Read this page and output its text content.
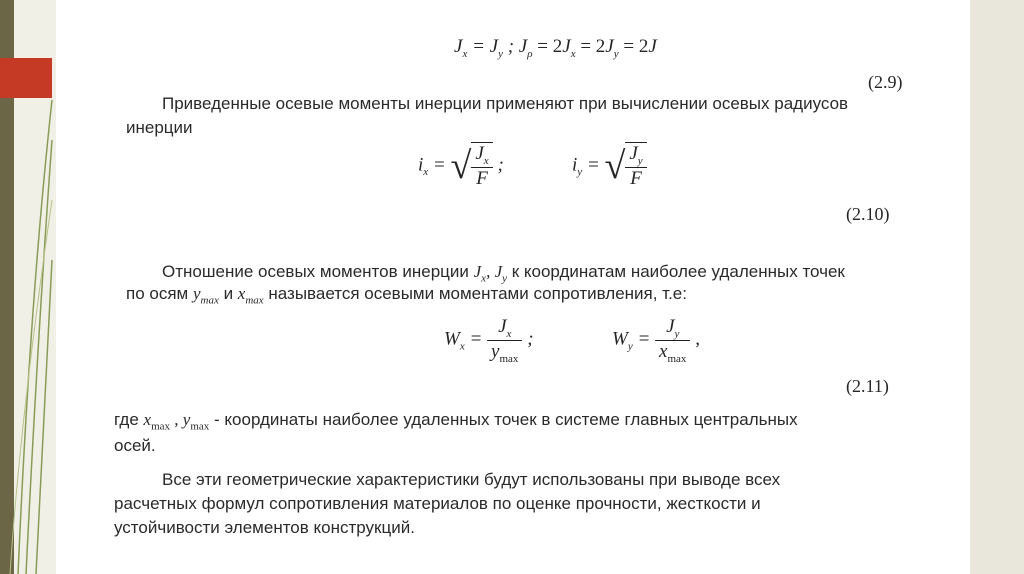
$J_x = J_y$ ; $J_\rho = 2J_x = 2J_y = 2J$
(2.9)
Приведенные осевые моменты инерции применяют при вычислении осевых радиусов
инерции
$i_x$ = √ $\frac{J_x}{F}$ ;	$i_y$ = √ $\frac{J_y}{F}$
(2.10)
Отношение осевых моментов инерции $J_x$, $J_y$ к координатам наиболее удаленных точек
по осям $y_{max}$ и $x_{max}$ называется осевыми моментами сопротивления, т.е:
$W_x = \frac{J_x}{y_{max}}$ ;	$W_y = \frac{J_y}{x_{max}}$ ,
(2.11)
где $x_{max}$ , $y_{max}$ - координаты наиболее удаленных точек в системе главных центральных
осей.
Все эти геометрические характеристики будут использованы при выводе всех
расчетных формул сопротивления материалов по оценке прочности, жесткости и
устойчивости элементов конструкций.
